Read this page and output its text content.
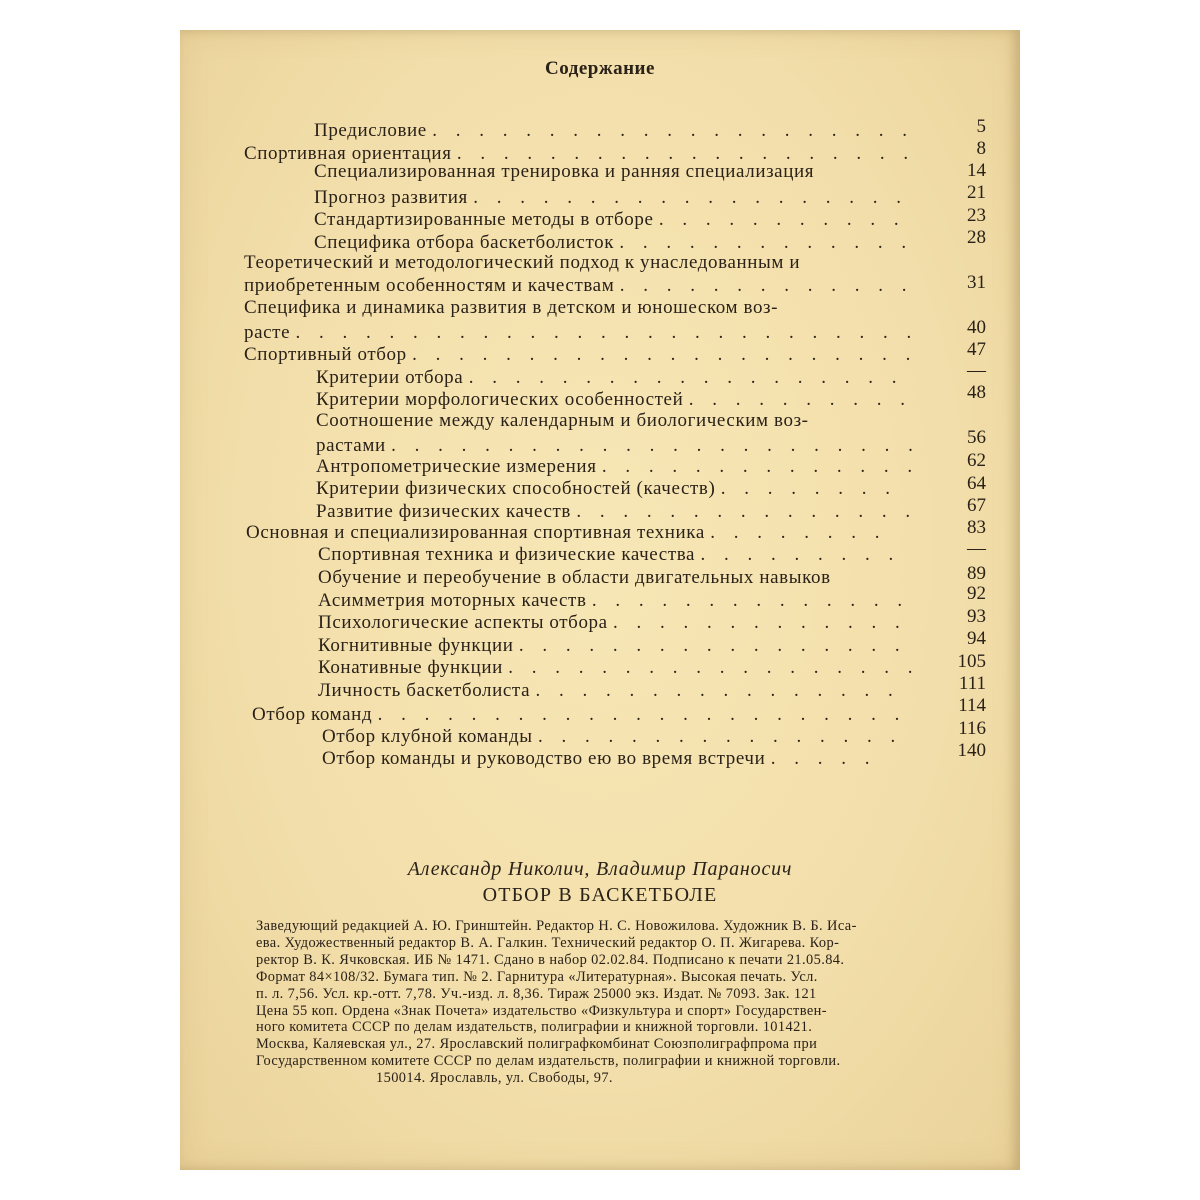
Содержание
Предисловие . . . . . . . . . . . . . . . . . . . . .	5
Спортивная ориентация . . . . . . . . . . . . . . . . . . . .	8
Специализированная тренировка и ранняя специализация	14
Прогноз развития . . . . . . . . . . . . . . . . . . .	21
Стандартизированные методы в отборе . . . . . . . . . . .	23
Специфика отбора баскетболисток . . . . . . . . . . . . .	28
Теоретический и методологический подход к унаследованным и
приобретенным особенностям и качествам . . . . . . . . . . . . .	31
Специфика и динамика развития в детском и юношеском воз-
расте . . . . . . . . . . . . . . . . . . . . . . . . . . .	40
Спортивный отбор . . . . . . . . . . . . . . . . . . . . . .	47
Критерии отбора . . . . . . . . . . . . . . . . . . .	—
Критерии морфологических особенностей . . . . . . . . . .	48
Соотношение между календарным и биологическим воз-
растами . . . . . . . . . . . . . . . . . . . . . . .	56
Антропометрические измерения . . . . . . . . . . . . . .	62
Критерии физических способностей (качеств) . . . . . . . .	64
Развитие физических качеств . . . . . . . . . . . . . . .	67
Основная и специализированная спортивная техника . . . . . . . .	83
Спортивная техника и физические качества . . . . . . . . .	—
Обучение и переобучение в области двигательных навыков	89
Асимметрия моторных качеств . . . . . . . . . . . . . .	92
Психологические аспекты отбора . . . . . . . . . . . . .	93
Когнитивные функции . . . . . . . . . . . . . . . . .	94
Конативные функции . . . . . . . . . . . . . . . . . .	105
Личность баскетболиста . . . . . . . . . . . . . . . .	111
Отбор команд . . . . . . . . . . . . . . . . . . . . . . .	114
Отбор клубной команды . . . . . . . . . . . . . . . .	116
Отбор команды и руководство ею во время встречи . . . . .	140
Александр Николич, Владимир Параносич
ОТБОР В БАСКЕТБОЛЕ
Заведующий редакцией А. Ю. Гринштейн. Редактор Н. С. Новожилова. Художник В. Б. Иса-
ева. Художественный редактор В. А. Галкин. Технический редактор О. П. Жигарева. Кор-
ректор В. К. Ячковская. ИБ № 1471. Сдано в набор 02.02.84. Подписано к печати 21.05.84.
Формат 84×108/32. Бумага тип. № 2. Гарнитура «Литературная». Высокая печать. Усл.
п. л. 7,56. Усл. кр.-отт. 7,78. Уч.-изд. л. 8,36. Тираж 25000 экз. Издат. № 7093. Зак. 121
Цена 55 коп. Ордена «Знак Почета» издательство «Физкультура и спорт» Государствен-
ного комитета СССР по делам издательств, полиграфии и книжной торговли. 101421.
Москва, Каляевская ул., 27. Ярославский полиграфкомбинат Союзполиграфпрома при
Государственном комитете СССР по делам издательств, полиграфии и книжной торговли.
150014. Ярославль, ул. Свободы, 97.
